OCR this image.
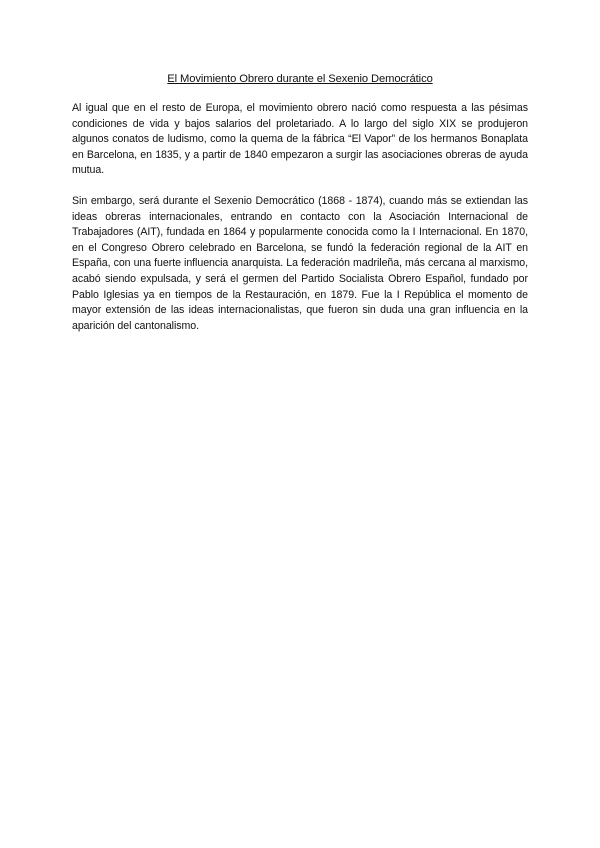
El Movimiento Obrero durante el Sexenio Democrático

Al igual que en el resto de Europa, el movimiento obrero nació como respuesta a las pésimas condiciones de vida y bajos salarios del proletariado. A lo largo del siglo XIX se produjeron algunos conatos de ludismo, como la quema de la fábrica “El Vapor” de los hermanos Bonaplata en Barcelona, en 1835, y a partir de 1840 empezaron a surgir las asociaciones obreras de ayuda mutua.

Sin embargo, será durante el Sexenio Democrático (1868 - 1874), cuando más se extiendan las ideas obreras internacionales, entrando en contacto con la Asociación Internacional de Trabajadores (AIT), fundada en 1864 y popularmente conocida como la I Internacional. En 1870, en el Congreso Obrero celebrado en Barcelona, se fundó la federación regional de la AIT en España, con una fuerte influencia anarquista. La federación madrileña, más cercana al marxismo, acabó siendo expulsada, y será el germen del Partido Socialista Obrero Español, fundado por Pablo Iglesias ya en tiempos de la Restauración, en 1879. Fue la I República el momento de mayor extensión de las ideas internacionalistas, que fueron sin duda una gran influencia en la aparición del cantonalismo.
